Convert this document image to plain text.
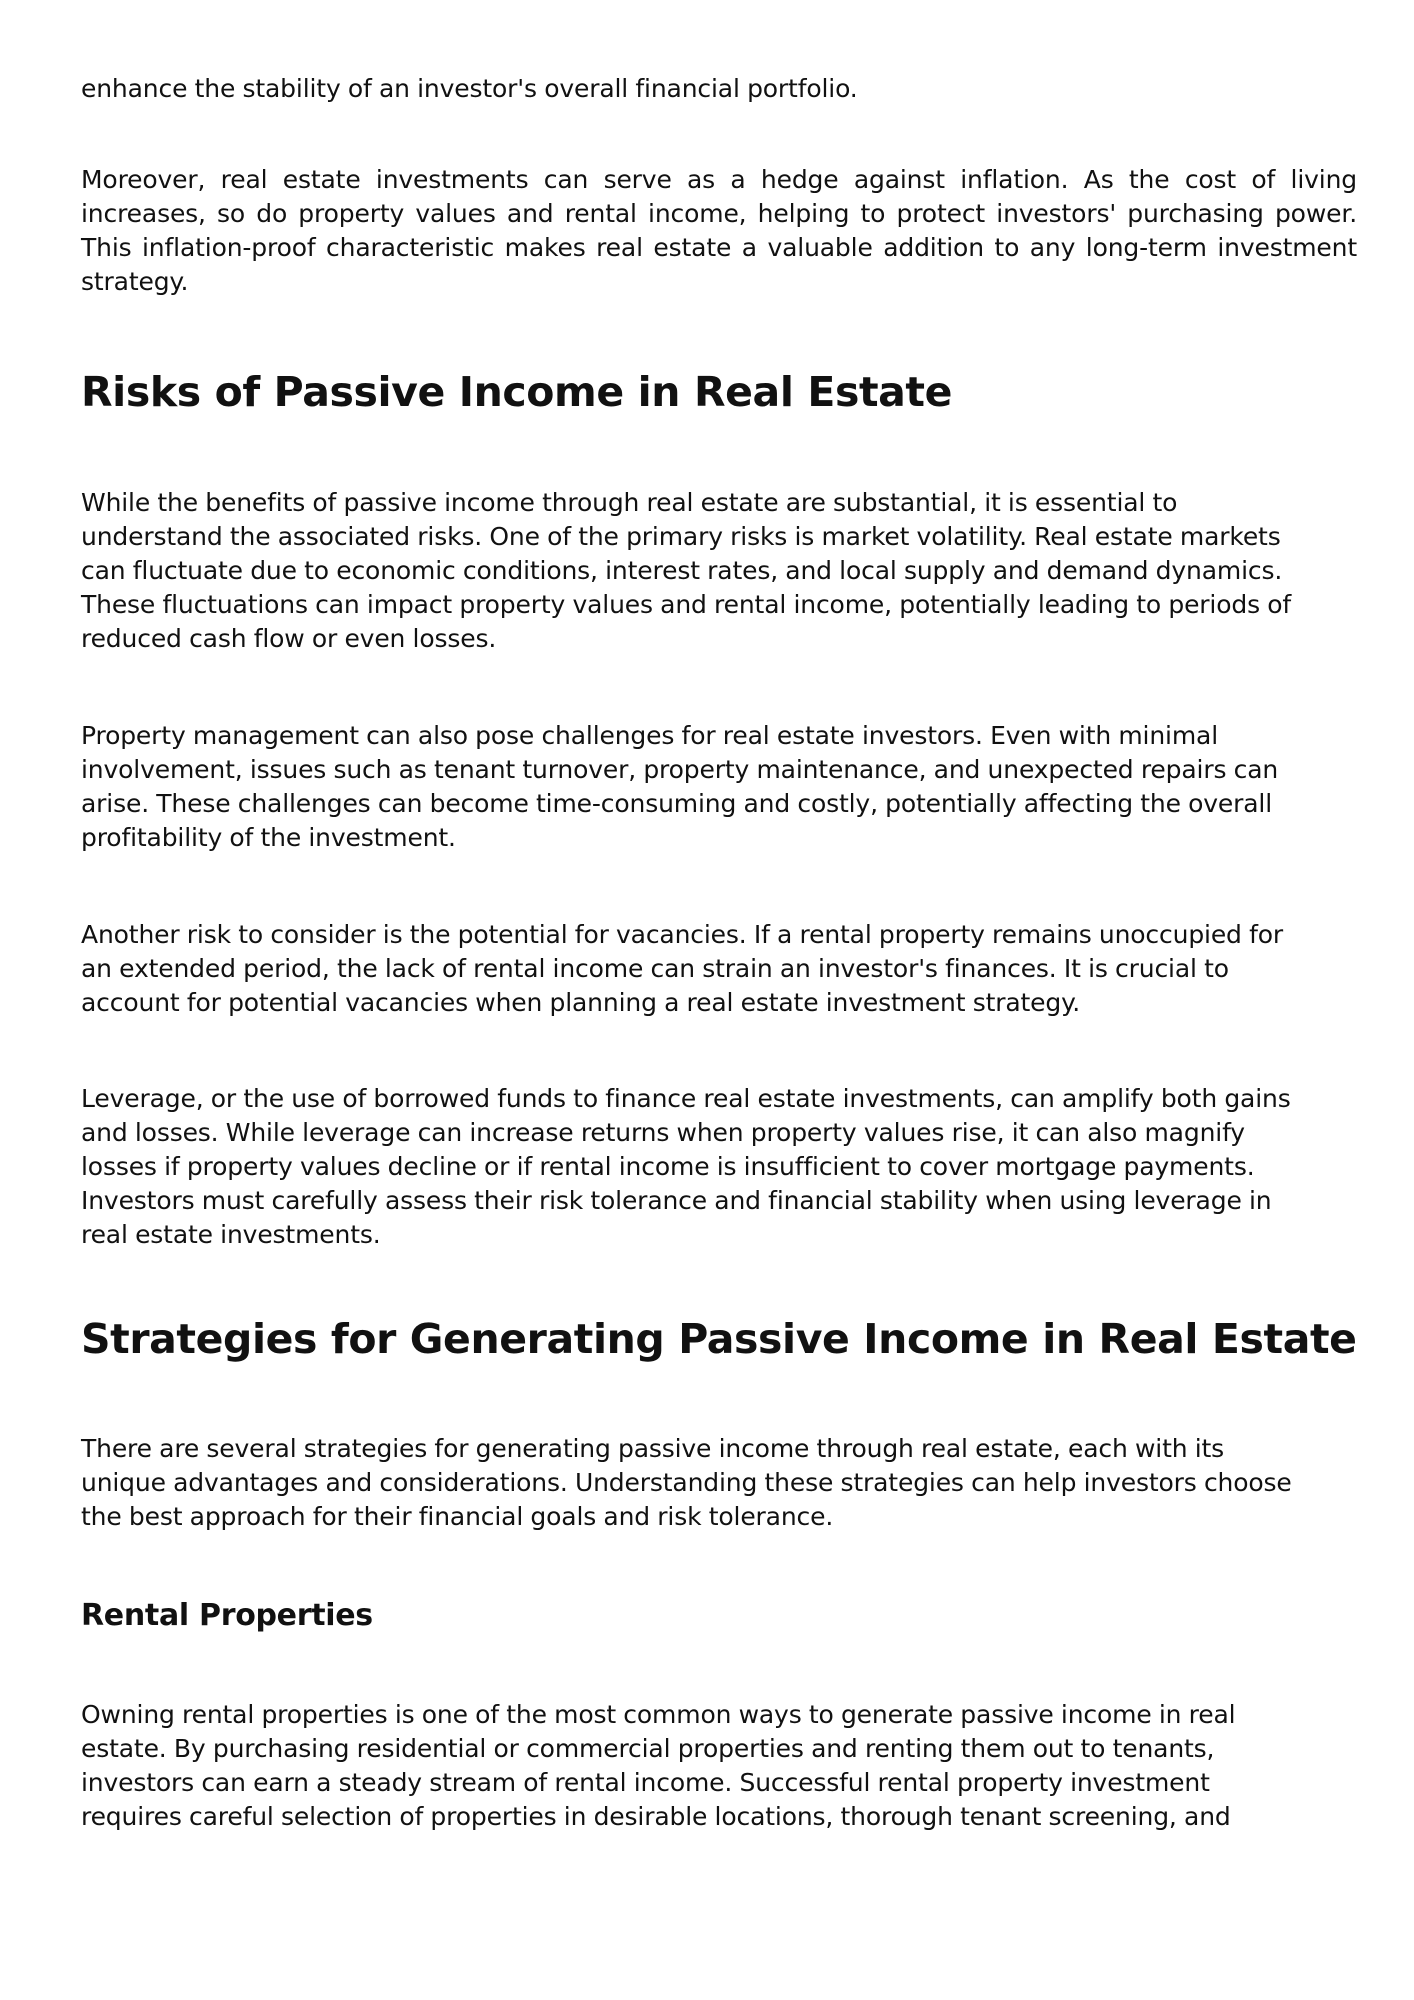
enhance the stability of an investor's overall financial portfolio.

Moreover, real estate investments can serve as a hedge against inflation. As the cost of living increases, so do property values and rental income, helping to protect investors' purchasing power. This inflation-proof characteristic makes real estate a valuable addition to any long-term investment strategy.

Risks of Passive Income in Real Estate

While the benefits of passive income through real estate are substantial, it is essential to understand the associated risks. One of the primary risks is market volatility. Real estate markets can fluctuate due to economic conditions, interest rates, and local supply and demand dynamics. These fluctuations can impact property values and rental income, potentially leading to periods of reduced cash flow or even losses.

Property management can also pose challenges for real estate investors. Even with minimal involvement, issues such as tenant turnover, property maintenance, and unexpected repairs can arise. These challenges can become time-consuming and costly, potentially affecting the overall profitability of the investment.

Another risk to consider is the potential for vacancies. If a rental property remains unoccupied for an extended period, the lack of rental income can strain an investor's finances. It is crucial to account for potential vacancies when planning a real estate investment strategy.

Leverage, or the use of borrowed funds to finance real estate investments, can amplify both gains and losses. While leverage can increase returns when property values rise, it can also magnify losses if property values decline or if rental income is insufficient to cover mortgage payments. Investors must carefully assess their risk tolerance and financial stability when using leverage in real estate investments.

Strategies for Generating Passive Income in Real Estate

There are several strategies for generating passive income through real estate, each with its unique advantages and considerations. Understanding these strategies can help investors choose the best approach for their financial goals and risk tolerance.

Rental Properties

Owning rental properties is one of the most common ways to generate passive income in real estate. By purchasing residential or commercial properties and renting them out to tenants, investors can earn a steady stream of rental income. Successful rental property investment requires careful selection of properties in desirable locations, thorough tenant screening, and
